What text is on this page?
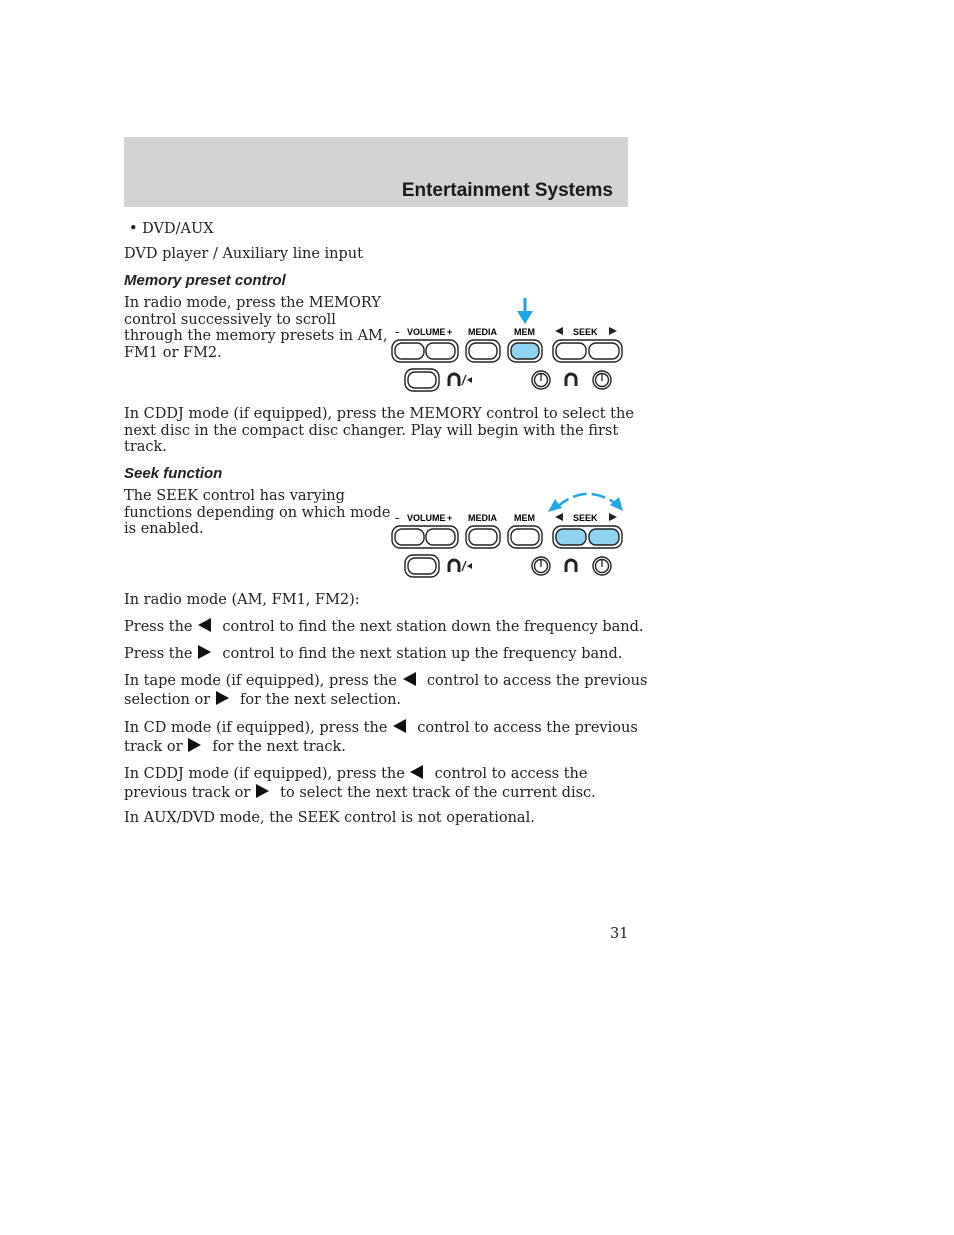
Entertainment Systems
• DVD/AUX
DVD player / Auxiliary line input
Memory preset control
In radio mode, press the MEMORY
control successively to scroll
through the memory presets in AM,
FM1 or FM2.
– VOLUME + MEDIA MEM	SEEK
In CDDJ mode (if equipped), press the MEMORY control to select the
next disc in the compact disc changer. Play will begin with the first
track.
Seek function
The SEEK control has varying
functions depending on which mode
is enabled.
– VOLUME + MEDIA MEM	SEEK
In radio mode (AM, FM1, FM2):
Press the control to find the next station down the frequency band.
Press the control to find the next station up the frequency band.
In tape mode (if equipped), press the control to access the previous
selection or for the next selection.
In CD mode (if equipped), press the control to access the previous
track or for the next track.
In CDDJ mode (if equipped), press the control to access the
previous track or to select the next track of the current disc.
In AUX/DVD mode, the SEEK control is not operational.
31
